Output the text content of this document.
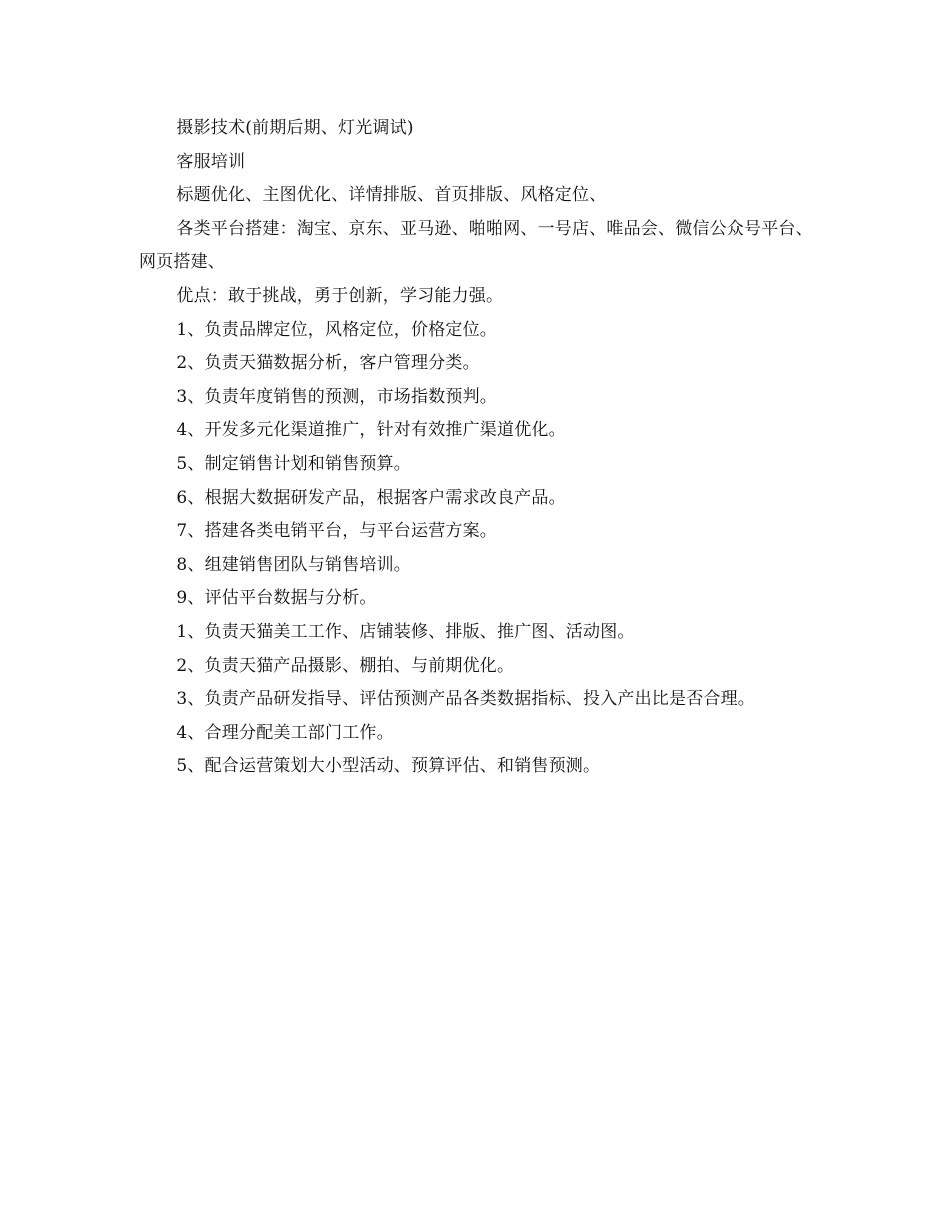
摄影技术(前期后期、灯光调试)

客服培训

标题优化、主图优化、详情排版、首页排版、风格定位、

各类平台搭建：淘宝、京东、亚马逊、啪啪网、一号店、唯品会、微信公众号平台、网页搭建、

优点：敢于挑战，勇于创新，学习能力强。

1、负责品牌定位，风格定位，价格定位。

2、负责天猫数据分析，客户管理分类。

3、负责年度销售的预测，市场指数预判。

4、开发多元化渠道推广，针对有效推广渠道优化。

5、制定销售计划和销售预算。

6、根据大数据研发产品，根据客户需求改良产品。

7、搭建各类电销平台，与平台运营方案。

8、组建销售团队与销售培训。

9、评估平台数据与分析。

1、负责天猫美工工作、店铺装修、排版、推广图、活动图。

2、负责天猫产品摄影、棚拍、与前期优化。

3、负责产品研发指导、评估预测产品各类数据指标、投入产出比是否合理。

4、合理分配美工部门工作。

5、配合运营策划大小型活动、预算评估、和销售预测。
